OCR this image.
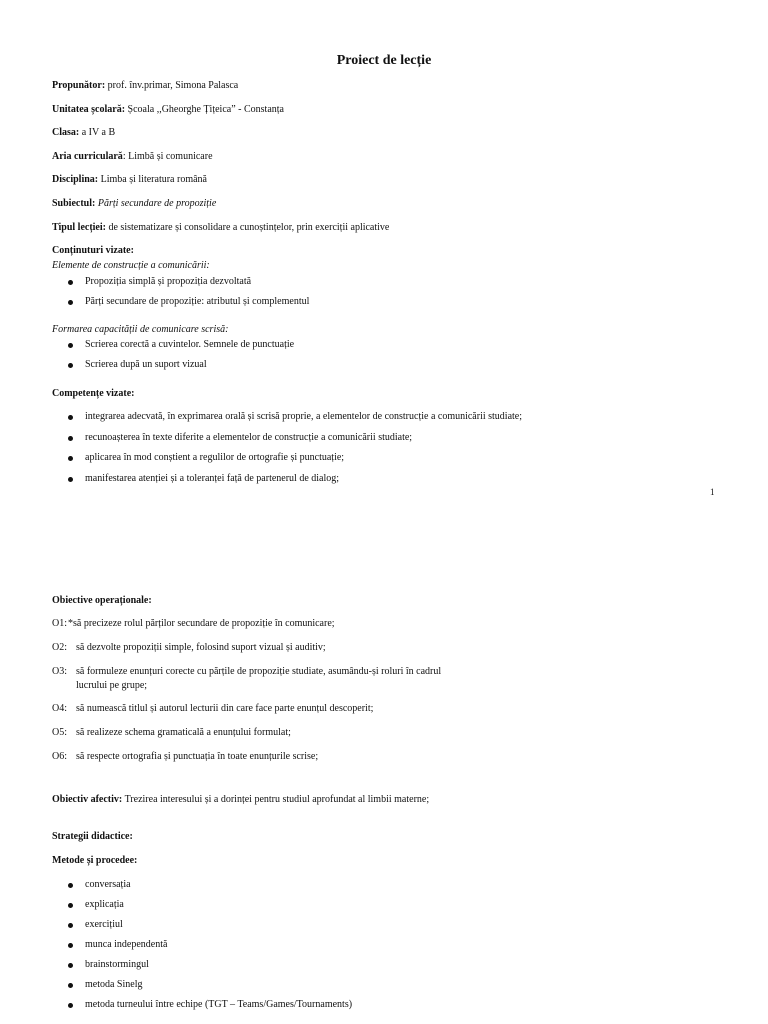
Proiect de lecție
Propunător: prof. înv.primar, Simona Palasca
Unitatea școlară: Școala ,,Gheorghe Țițeica” - Constanța
Clasa: a IV a B
Aria curriculară: Limbă și comunicare
Disciplina: Limba și literatura română
Subiectul: Părți secundare de propoziție
Tipul lecției: de sistematizare și consolidare a cunoștințelor, prin exerciții aplicative
Conținuturi vizate:
Elemente de construcție a comunicării:
Propoziția simplă și propoziția dezvoltată
Părți secundare de propoziție: atributul și complementul
Formarea capacității de comunicare scrisă:
Scrierea corectă a cuvintelor. Semnele de punctuație
Scrierea după un suport vizual
Competențe vizate:
integrarea adecvată, în exprimarea orală și scrisă proprie, a elementelor de construcție a comunicării studiate;
recunoașterea în texte diferite a elementelor de construcție a comunicării studiate;
aplicarea în mod conștient a regulilor de ortografie și punctuație;
manifestarea atenției și a toleranței față de partenerul de dialog;
1
Obiective operaționale:
O1: *să precizeze rolul părților secundare de propoziție în comunicare;
O2: să dezvolte propoziții simple, folosind suport vizual și auditiv;
O3: să formuleze enunțuri corecte cu părțile de propoziție studiate, asumându-și roluri în cadrul
lucrului pe grupe;
O4: să numească titlul și autorul lecturii din care face parte enunțul descoperit;
O5: să realizeze schema gramaticală a enunțului formulat;
O6: să respecte ortografia și punctuația în toate enunțurile scrise;
Obiectiv afectiv: Trezirea interesului și a dorinței pentru studiul aprofundat al limbii materne;
Strategii didactice:
Metode și procedee:
conversația
explicația
exercițiul
munca independentă
brainstormingul
metoda Sinelg
metoda turneului între echipe (TGT – Teams/Games/Tournaments)
